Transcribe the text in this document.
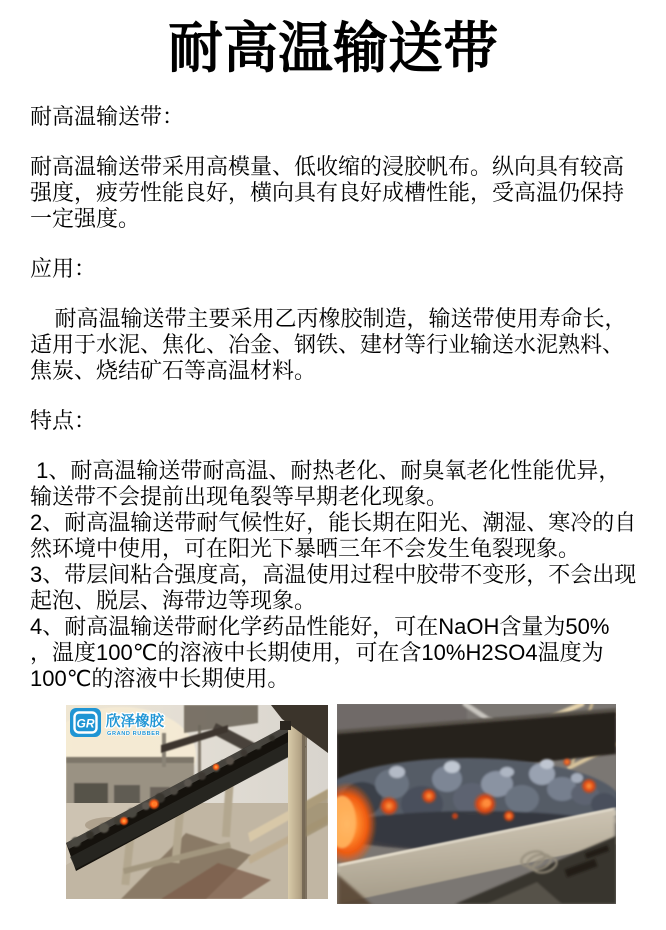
耐高温输送带
耐高温输送带：
耐高温输送带采用高模量、低收缩的浸胶帆布。纵向具有较高
强度，疲劳性能良好，横向具有良好成槽性能，受高温仍保持
一定强度。
应用：
耐高温输送带主要采用乙丙橡胶制造，输送带使用寿命长，
适用于水泥、焦化、冶金、钢铁、建材等行业输送水泥熟料、
焦炭、烧结矿石等高温材料。
特点：
1、耐高温输送带耐高温、耐热老化、耐臭氧老化性能优异，
输送带不会提前出现龟裂等早期老化现象。
2、耐高温输送带耐气候性好，能长期在阳光、潮湿、寒冷的自
然环境中使用，可在阳光下暴晒三年不会发生龟裂现象。
3、带层间粘合强度高，高温使用过程中胶带不变形，不会出现
起泡、脱层、海带边等现象。
4、耐高温输送带耐化学药品性能好，可在NaOH含量为50%
，温度100℃的溶液中长期使用，可在含10%H2SO4温度为
100℃的溶液中长期使用。
GR 欣泽橡胶
GRAND RUBBER
